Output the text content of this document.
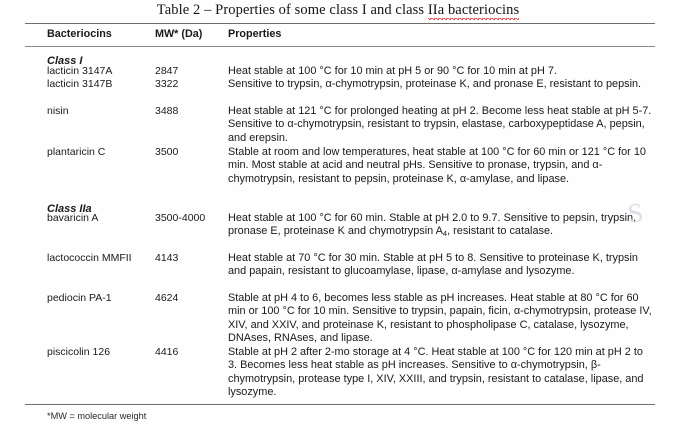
Table 2 – Properties of some class I and class IIa bacteriocins
Bacteriocins	MW* (Da)	Properties
Class I
lacticin 3147A	2847	Heat stable at 100 °C for 10 min at pH 5 or 90 °C for 10 min at pH 7.
lacticin 3147B	3322	Sensitive to trypsin, α-chymotrypsin, proteinase K, and pronase E, resistant to pepsin.
nisin	3488	Heat stable at 121 °C for prolonged heating at pH 2. Become less heat stable at pH 5-7. Sensitive to α-chymotrypsin, resistant to trypsin, elastase, carboxypeptidase A, pepsin, and erepsin.
plantaricin C	3500	Stable at room and low temperatures, heat stable at 100 °C for 60 min or 121 °C for 10 min. Most stable at acid and neutral pHs. Sensitive to pronase, trypsin, and α-chymotrypsin, resistant to pepsin, proteinase K, α-amylase, and lipase.
Class IIa
bavaricin A	3500-4000	Heat stable at 100 °C for 60 min. Stable at pH 2.0 to 9.7. Sensitive to pepsin, trypsin, pronase E, proteinase K and chymotrypsin $A_4$, resistant to catalase.
lactococcin MMFII	4143	Heat stable at 70 °C for 30 min. Stable at pH 5 to 8. Sensitive to proteinase K, trypsin and papain, resistant to glucoamylase, lipase, α-amylase and lysozyme.
pediocin PA-1	4624	Stable at pH 4 to 6, becomes less stable as pH increases. Heat stable at 80 °C for 60 min or 100 °C for 10 min. Sensitive to trypsin, papain, ficin, α-chymotrypsin, protease IV, XIV, and XXIV, and proteinase K, resistant to phospholipase C, catalase, lysozyme, DNAses, RNAses, and lipase.
piscicolin 126	4416	Stable at pH 2 after 2-mo storage at 4 °C. Heat stable at 100 °C for 120 min at pH 2 to 3. Becomes less heat stable as pH increases. Sensitive to α-chymotrypsin, β-chymotrypsin, protease type I, XIV, XXIII, and trypsin, resistant to catalase, lipase, and lysozyme.
*MW = molecular weight
S
